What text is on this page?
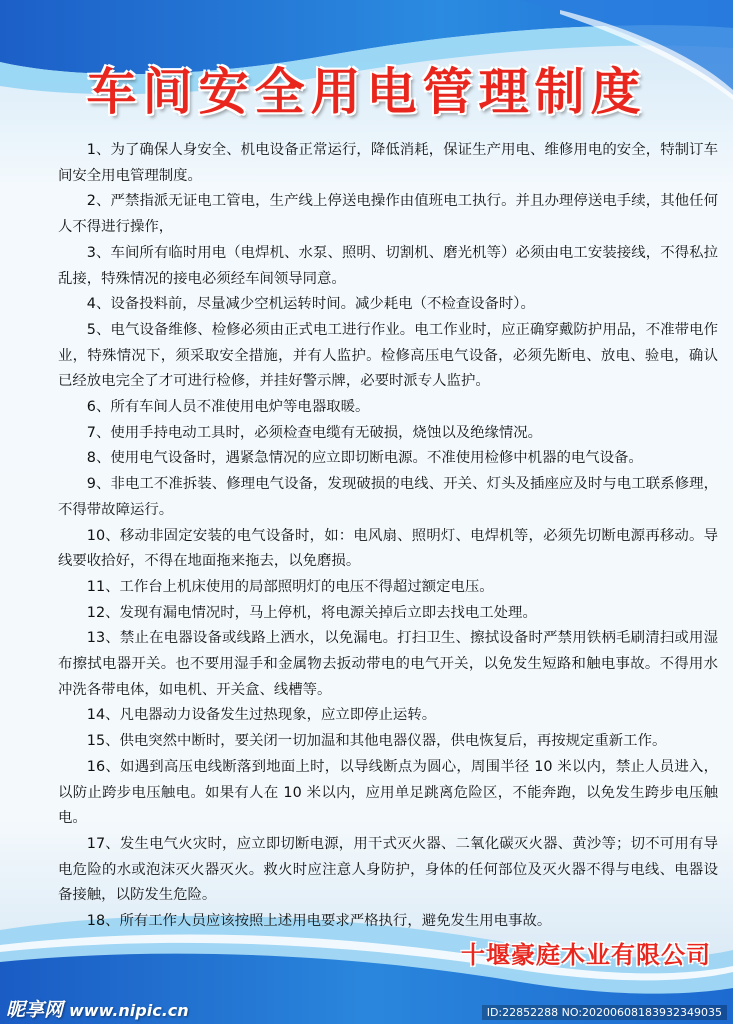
车间安全用电管理制度

1、为了确保人身安全、机电设备正常运行，降低消耗，保证生产用电、维修用电的安全，特制订车间安全用电管理制度。

2、严禁指派无证电工管电，生产线上停送电操作由值班电工执行。并且办理停送电手续，其他任何人不得进行操作，

3、车间所有临时用电（电焊机、水泵、照明、切割机、磨光机等）必须由电工安装接线，不得私拉乱接，特殊情况的接电必须经车间领导同意。

4、设备投料前，尽量减少空机运转时间。减少耗电（不检查设备时）。

5、电气设备维修、检修必须由正式电工进行作业。电工作业时，应正确穿戴防护用品，不准带电作业，特殊情况下，须采取安全措施，并有人监护。检修高压电气设备，必须先断电、放电、验电，确认已经放电完全了才可进行检修，并挂好警示牌，必要时派专人监护。

6、所有车间人员不准使用电炉等电器取暖。

7、使用手持电动工具时，必须检查电缆有无破损，烧蚀以及绝缘情况。

8、使用电气设备时，遇紧急情况的应立即切断电源。不准使用检修中机器的电气设备。

9、非电工不准拆装、修理电气设备，发现破损的电线、开关、灯头及插座应及时与电工联系修理，不得带故障运行。

10、移动非固定安装的电气设备时，如：电风扇、照明灯、电焊机等，必须先切断电源再移动。导线要收拾好，不得在地面拖来拖去，以免磨损。

11、工作台上机床使用的局部照明灯的电压不得超过额定电压。

12、发现有漏电情况时，马上停机，将电源关掉后立即去找电工处理。

13、禁止在电器设备或线路上洒水，以免漏电。打扫卫生、擦拭设备时严禁用铁柄毛刷清扫或用湿布擦拭电器开关。也不要用湿手和金属物去扳动带电的电气开关，以免发生短路和触电事故。不得用水冲洗各带电体，如电机、开关盒、线槽等。

14、凡电器动力设备发生过热现象，应立即停止运转。

15、供电突然中断时，要关闭一切加温和其他电器仪器，供电恢复后，再按规定重新工作。

16、如遇到高压电线断落到地面上时，以导线断点为圆心，周围半径 10 米以内，禁止人员进入，以防止跨步电压触电。如果有人在 10 米以内，应用单足跳离危险区，不能奔跑，以免发生跨步电压触电。

17、发生电气火灾时，应立即切断电源，用干式灭火器、二氧化碳灭火器、黄沙等；切不可用有导电危险的水或泡沫灭火器灭火。救火时应注意人身防护，身体的任何部位及灭火器不得与电线、电器设备接触，以防发生危险。

18、所有工作人员应该按照上述用电要求严格执行，避免发生用电事故。

十堰豪庭木业有限公司
昵享网 www.nipic.cn	ID:22852288 NO:20200608183932349035
